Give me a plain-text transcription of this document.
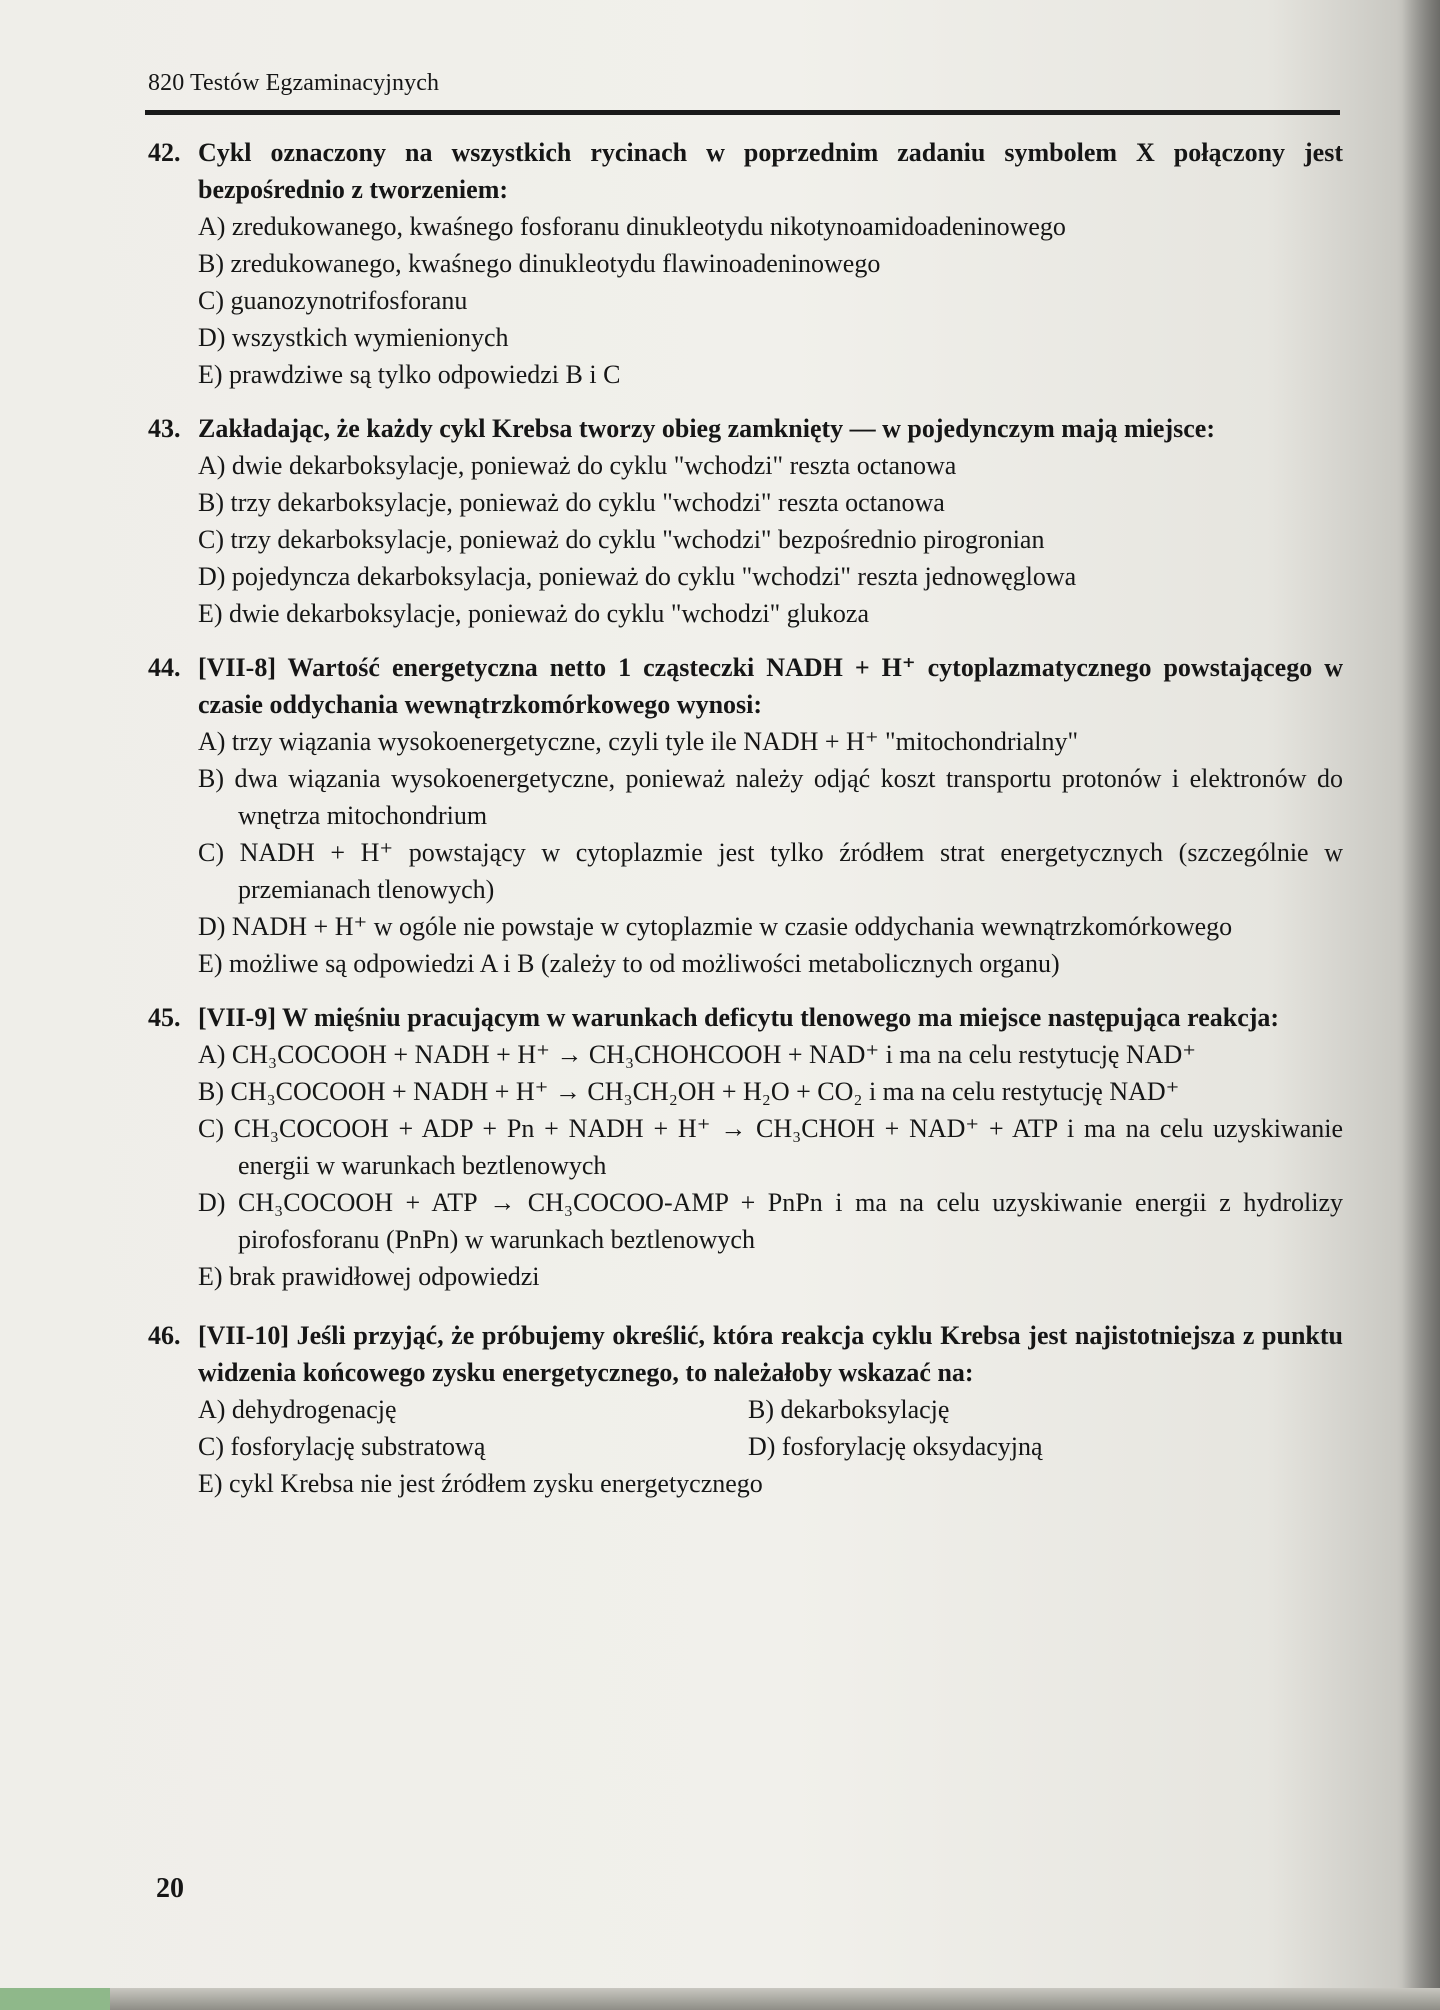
820 Testów Egzaminacyjnych
42. Cykl oznaczony na wszystkich rycinach w poprzednim zadaniu symbolem X połączony jest bezpośrednio z tworzeniem:
A) zredukowanego, kwaśnego fosforanu dinukleotydu nikotynoamidoadeninowego
B) zredukowanego, kwaśnego dinukleotydu flawinoadeninowego
C) guanozynotrifosforanu
D) wszystkich wymienionych
E) prawdziwe są tylko odpowiedzi B i C
43. Zakładając, że każdy cykl Krebsa tworzy obieg zamknięty — w pojedynczym mają miejsce:
A) dwie dekarboksylacje, ponieważ do cyklu "wchodzi" reszta octanowa
B) trzy dekarboksylacje, ponieważ do cyklu "wchodzi" reszta octanowa
C) trzy dekarboksylacje, ponieważ do cyklu "wchodzi" bezpośrednio pirogronian
D) pojedyncza dekarboksylacja, ponieważ do cyklu "wchodzi" reszta jednowęglowa
E) dwie dekarboksylacje, ponieważ do cyklu "wchodzi" glukoza
44. [VII-8] Wartość energetyczna netto 1 cząsteczki NADH + H⁺ cytoplazmatycznego powstającego w czasie oddychania wewnątrzkomórkowego wynosi:
A) trzy wiązania wysokoenergetyczne, czyli tyle ile NADH + H⁺ "mitochondrialny"
B) dwa wiązania wysokoenergetyczne, ponieważ należy odjąć koszt transportu protonów i elektronów do wnętrza mitochondrium
C) NADH + H⁺ powstający w cytoplazmie jest tylko źródłem strat energetycznych (szczególnie w przemianach tlenowych)
D) NADH + H⁺ w ogóle nie powstaje w cytoplazmie w czasie oddychania wewnątrzkomórkowego
E) możliwe są odpowiedzi A i B (zależy to od możliwości metabolicznych organu)
45. [VII-9] W mięśniu pracującym w warunkach deficytu tlenowego ma miejsce następująca reakcja:
A) CH₃COCOOH + NADH + H⁺ → CH₃CHOHCOOH + NAD⁺ i ma na celu restytucję NAD⁺
B) CH₃COCOOH + NADH + H⁺ → CH₃CH₂OH + H₂O + CO₂ i ma na celu restytucję NAD⁺
C) CH₃COCOOH + ADP + Pn + NADH + H⁺ → CH₃CHOH + NAD⁺ + ATP i ma na celu uzyskiwanie energii w warunkach beztlenowych
D) CH₃COCOOH + ATP → CH₃COCOO-AMP + PnPn i ma na celu uzyskiwanie energii z hydrolizy pirofosforanu (PnPn) w warunkach beztlenowych
E) brak prawidłowej odpowiedzi
46. [VII-10] Jeśli przyjąć, że próbujemy określić, która reakcja cyklu Krebsa jest najistotniejsza z punktu widzenia końcowego zysku energetycznego, to należałoby wskazać na:
A) dehydrogenację	B) dekarboksylację
C) fosforylację substratową	D) fosforylację oksydacyjną
E) cykl Krebsa nie jest źródłem zysku energetycznego
20
